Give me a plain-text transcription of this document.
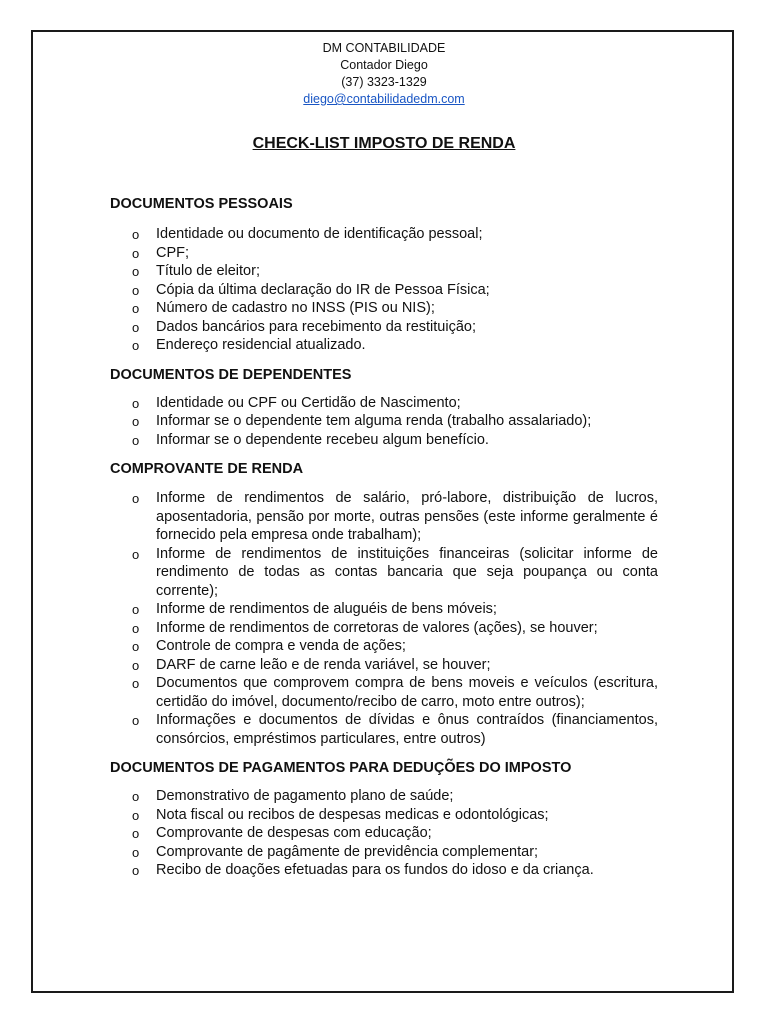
DM CONTABILIDADE
Contador Diego
(37) 3323-1329
diego@contabilidadedm.com
CHECK-LIST IMPOSTO DE RENDA
DOCUMENTOS PESSOAIS
o Identidade ou documento de identificação pessoal;
o CPF;
o Título de eleitor;
o Cópia da última declaração do IR de Pessoa Física;
o Número de cadastro no INSS (PIS ou NIS);
o Dados bancários para recebimento da restituição;
o Endereço residencial atualizado.
DOCUMENTOS DE DEPENDENTES
o Identidade ou CPF ou Certidão de Nascimento;
o Informar se o dependente tem alguma renda (trabalho assalariado);
o Informar se o dependente recebeu algum benefício.
COMPROVANTE DE RENDA
o Informe de rendimentos de salário, pró-labore, distribuição de lucros, aposentadoria, pensão por morte, outras pensões (este informe geralmente é fornecido pela empresa onde trabalham);
o Informe de rendimentos de instituições financeiras (solicitar informe de rendimento de todas as contas bancaria que seja poupança ou conta corrente);
o Informe de rendimentos de aluguéis de bens móveis;
o Informe de rendimentos de corretoras de valores (ações), se houver;
o Controle de compra e venda de ações;
o DARF de carne leão e de renda variável, se houver;
o Documentos que comprovem compra de bens moveis e veículos (escritura, certidão do imóvel, documento/recibo de carro, moto entre outros);
o Informações e documentos de dívidas e ônus contraídos (financiamentos, consórcios, empréstimos particulares, entre outros)
DOCUMENTOS DE PAGAMENTOS PARA DEDUÇÕES DO IMPOSTO
o Demonstrativo de pagamento plano de saúde;
o Nota fiscal ou recibos de despesas medicas e odontológicas;
o Comprovante de despesas com educação;
o Comprovante de pagâmente de previdência complementar;
o Recibo de doações efetuadas para os fundos do idoso e da criança.
